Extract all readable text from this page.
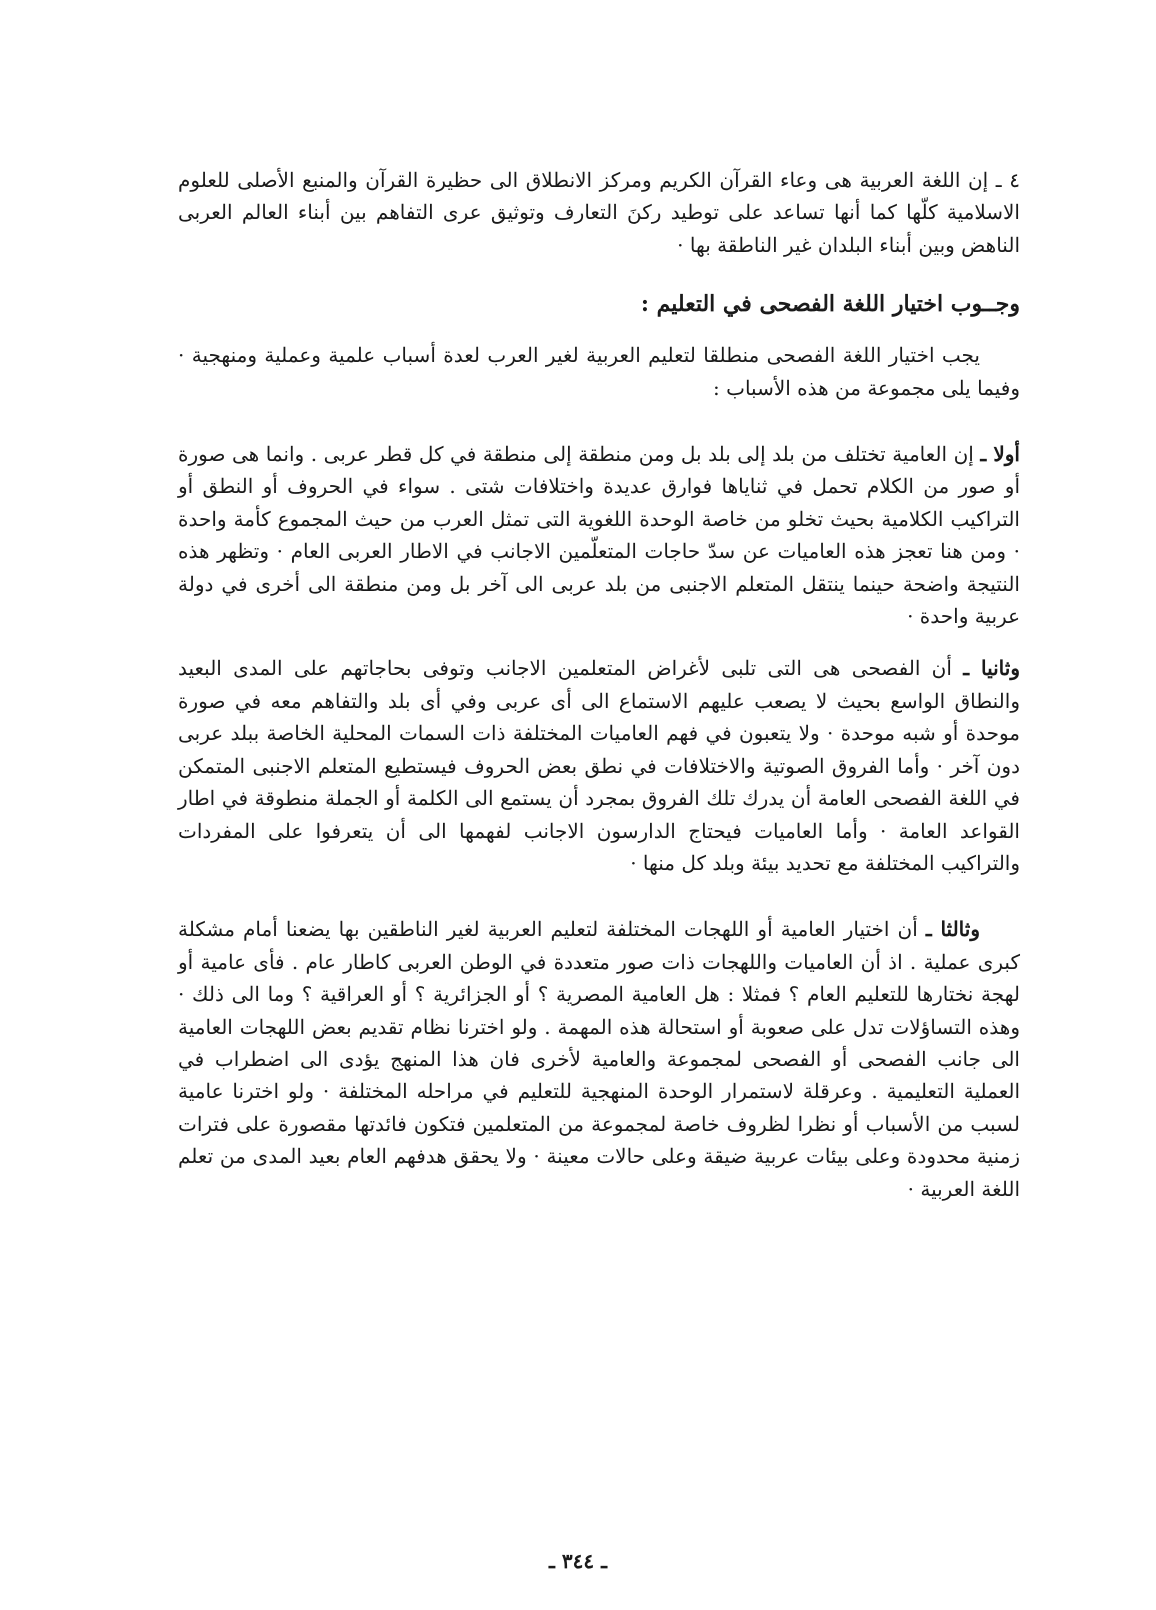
٤ ـ إن اللغة العربية هى وعاء القرآن الكريم ومركز الانطلاق الى حظيرة القرآن والمنبع الأصلى للعلوم الاسلامية كلّها كما أنها تساعد على توطيد ركنَ التعارف وتوثيق عرى التفاهم بين أبناء العالم العربى الناهض وبين أبناء البلدان غير الناطقة بها ·

وجــوب اختيار اللغة الفصحى في التعليم :

يجب اختيار اللغة الفصحى منطلقا لتعليم العربية لغير العرب لعدة أسباب علمية وعملية ومنهجية · وفيما يلى مجموعة من هذه الأسباب :

أولا ـ إن العامية تختلف من بلد إلى بلد بل ومن منطقة إلى منطقة في كل قطر عربى . وانما هى صورة أو صور من الكلام تحمل في ثناياها فوارق عديدة واختلافات شتى . سواء في الحروف أو النطق أو التراكيب الكلامية بحيث تخلو من خاصة الوحدة اللغوية التى تمثل العرب من حيث المجموع كأمة واحدة · ومن هنا تعجز هذه العاميات عن سدّ حاجات المتعلّمين الاجانب في الاطار العربى العام · وتظهر هذه النتيجة واضحة حينما ينتقل المتعلم الاجنبى من بلد عربى الى آخر بل ومن منطقة الى أخرى في دولة عربية واحدة ·

وثانيا ـ أن الفصحى هى التى تلبى لأغراض المتعلمين الاجانب وتوفى بحاجاتهم على المدى البعيد والنطاق الواسع بحيث لا يصعب عليهم الاستماع الى أى عربى وفي أى بلد والتفاهم معه في صورة موحدة أو شبه موحدة · ولا يتعبون في فهم العاميات المختلفة ذات السمات المحلية الخاصة ببلد عربى دون آخر · وأما الفروق الصوتية والاختلافات في نطق بعض الحروف فيستطيع المتعلم الاجنبى المتمكن في اللغة الفصحى العامة أن يدرك تلك الفروق بمجرد أن يستمع الى الكلمة أو الجملة منطوقة في اطار القواعد العامة · وأما العاميات فيحتاج الدارسون الاجانب لفهمها الى أن يتعرفوا على المفردات والتراكيب المختلفة مع تحديد بيئة وبلد كل منها ·

وثالثا ـ أن اختيار العامية أو اللهجات المختلفة لتعليم العربية لغير الناطقين بها يضعنا أمام مشكلة كبرى عملية . اذ أن العاميات واللهجات ذات صور متعددة في الوطن العربى كاطار عام . فأى عامية أو لهجة نختارها للتعليم العام ؟ فمثلا : هل العامية المصرية ؟ أو الجزائرية ؟ أو العراقية ؟ وما الى ذلك · وهذه التساؤلات تدل على صعوبة أو استحالة هذه المهمة . ولو اخترنا نظام تقديم بعض اللهجات العامية الى جانب الفصحى أو الفصحى لمجموعة والعامية لأخرى فان هذا المنهج يؤدى الى اضطراب في العملية التعليمية . وعرقلة لاستمرار الوحدة المنهجية للتعليم في مراحله المختلفة · ولو اخترنا عامية لسبب من الأسباب أو نظرا لظروف خاصة لمجموعة من المتعلمين فتكون فائدتها مقصورة على فترات زمنية محدودة وعلى بيئات عربية ضيقة وعلى حالات معينة · ولا يحقق هدفهم العام بعيد المدى من تعلم اللغة العربية ·

ـ ٣٤٤ ـ
